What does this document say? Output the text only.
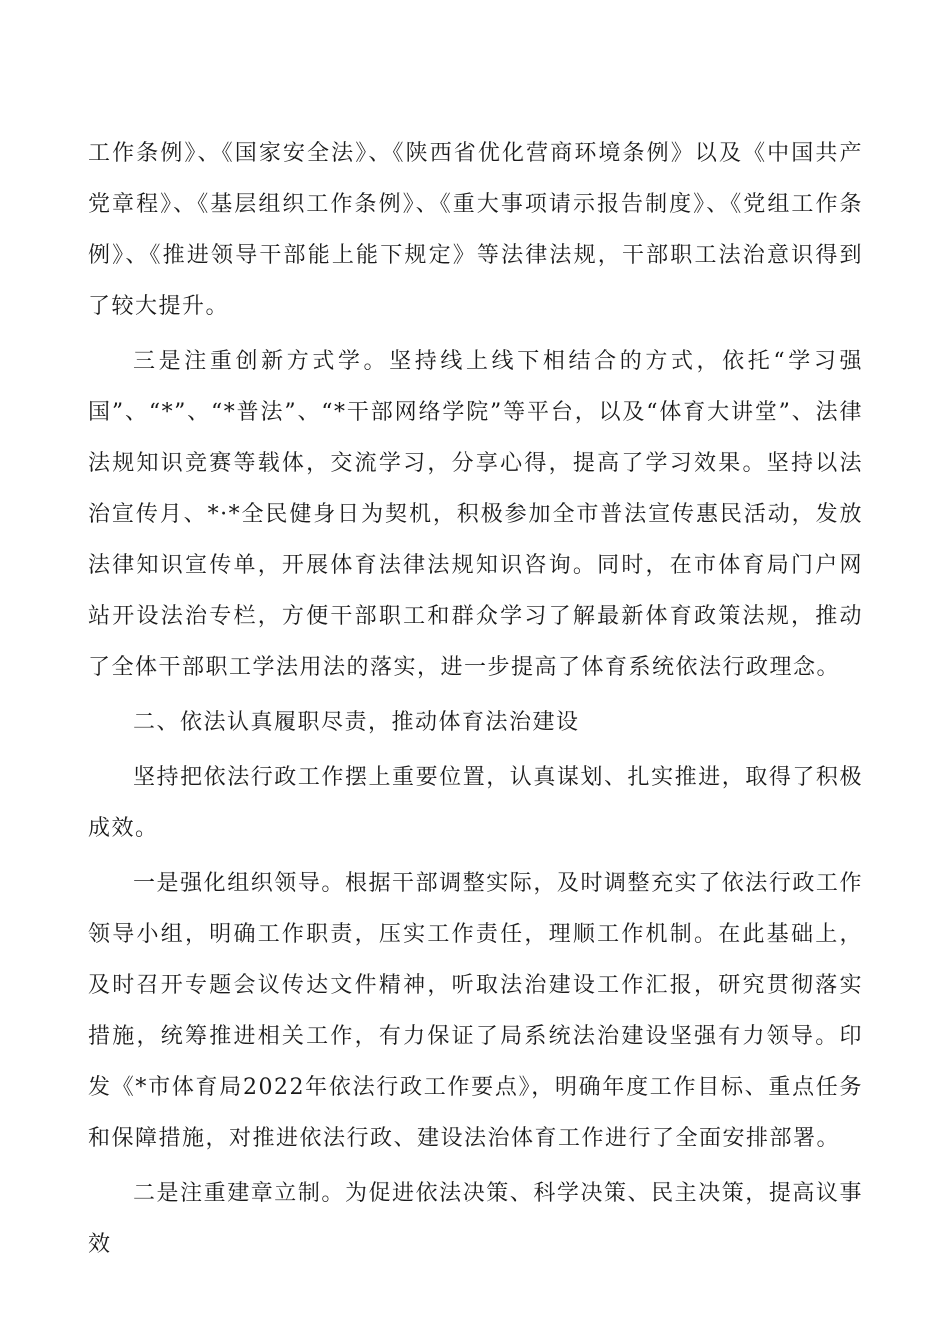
工作条例》、《国家安全法》、《陕西省优化营商环境条例》以及《中国共产党章程》、《基层组织工作条例》、《重大事项请示报告制度》、《党组工作条例》、《推进领导干部能上能下规定》等法律法规，干部职工法治意识得到了较大提升。

三是注重创新方式学。坚持线上线下相结合的方式，依托“学习强国”、“*”、“*普法”、“*干部网络学院”等平台，以及“体育大讲堂”、法律法规知识竞赛等载体，交流学习，分享心得，提高了学习效果。坚持以法治宣传月、*·*全民健身日为契机，积极参加全市普法宣传惠民活动，发放法律知识宣传单，开展体育法律法规知识咨询。同时，在市体育局门户网站开设法治专栏，方便干部职工和群众学习了解最新体育政策法规，推动了全体干部职工学法用法的落实，进一步提高了体育系统依法行政理念。

二、依法认真履职尽责，推动体育法治建设

坚持把依法行政工作摆上重要位置，认真谋划、扎实推进，取得了积极成效。

一是强化组织领导。根据干部调整实际，及时调整充实了依法行政工作领导小组，明确工作职责，压实工作责任，理顺工作机制。在此基础上，及时召开专题会议传达文件精神，听取法治建设工作汇报，研究贯彻落实措施，统筹推进相关工作，有力保证了局系统法治建设坚强有力领导。印发《*市体育局2022年依法行政工作要点》，明确年度工作目标、重点任务和保障措施，对推进依法行政、建设法治体育工作进行了全面安排部署。

二是注重建章立制。为促进依法决策、科学决策、民主决策，提高议事效
